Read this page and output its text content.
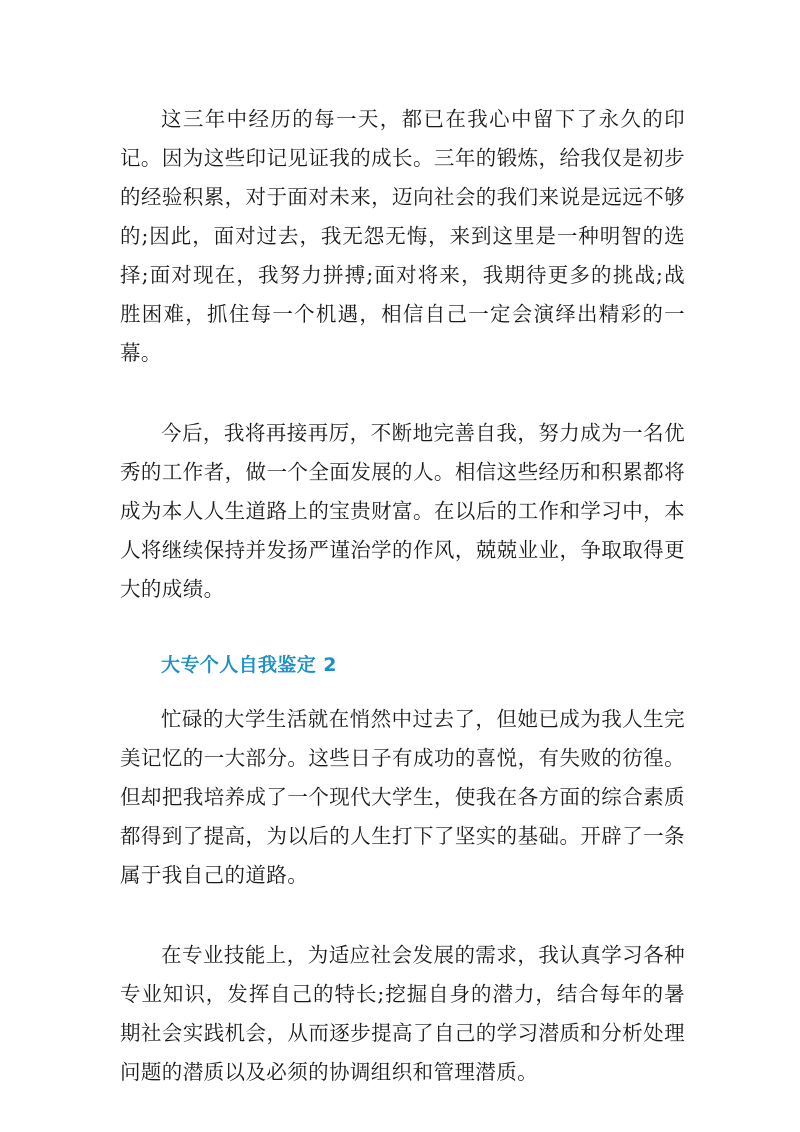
这三年中经历的每一天，都已在我心中留下了永久的印记。因为这些印记见证我的成长。三年的锻炼，给我仅是初步的经验积累，对于面对未来，迈向社会的我们来说是远远不够的;因此，面对过去，我无怨无悔，来到这里是一种明智的选择;面对现在，我努力拼搏;面对将来，我期待更多的挑战;战胜困难，抓住每一个机遇，相信自己一定会演绎出精彩的一幕。

今后，我将再接再厉，不断地完善自我，努力成为一名优秀的工作者，做一个全面发展的人。相信这些经历和积累都将成为本人人生道路上的宝贵财富。在以后的工作和学习中，本人将继续保持并发扬严谨治学的作风，兢兢业业，争取取得更大的成绩。

大专个人自我鉴定 2

忙碌的大学生活就在悄然中过去了，但她已成为我人生完美记忆的一大部分。这些日子有成功的喜悦，有失败的彷徨。但却把我培养成了一个现代大学生，使我在各方面的综合素质都得到了提高，为以后的人生打下了坚实的基础。开辟了一条属于我自己的道路。

在专业技能上，为适应社会发展的需求，我认真学习各种专业知识，发挥自己的特长;挖掘自身的潜力，结合每年的暑期社会实践机会，从而逐步提高了自己的学习潜质和分析处理问题的潜质以及必须的协调组织和管理潜质。
